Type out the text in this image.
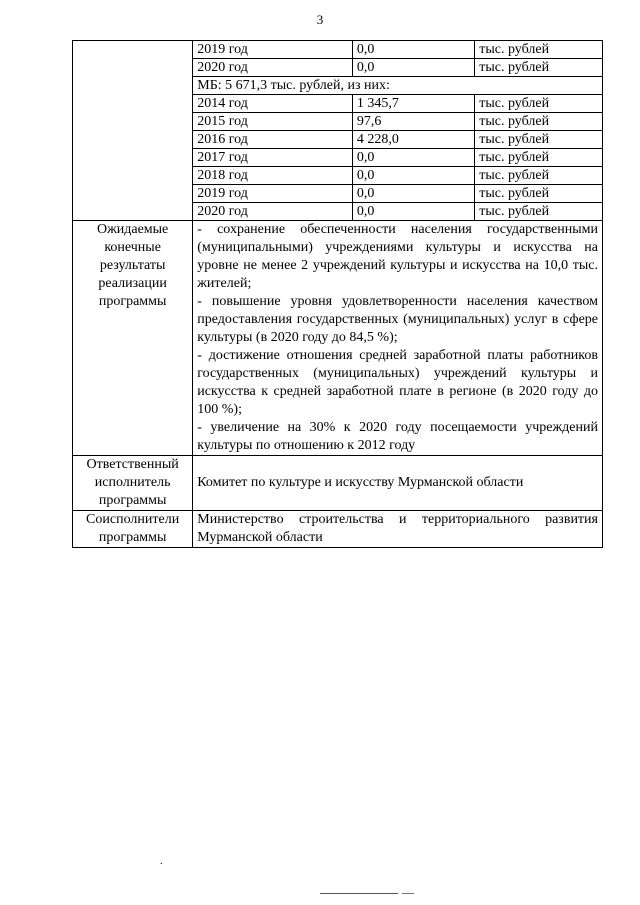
3
	2019 год	0,0	тыс. рублей
	2020 год	0,0	тыс. рублей
	МБ: 5 671,3 тыс. рублей, из них:		
	2014 год	1 345,7	тыс. рублей
	2015 год	97,6	тыс. рублей
	2016 год	4 228,0	тыс. рублей
	2017 год	0,0	тыс. рублей
	2018 год	0,0	тыс. рублей
	2019 год	0,0	тыс. рублей
	2020 год	0,0	тыс. рублей
Ожидаемые конечные результаты реализации программы	- сохранение обеспеченности населения государственными (муниципальными) учреждениями культуры и искусства на уровне не менее 2 учреждений культуры и искусства на 10,0 тыс. жителей;
- повышение уровня удовлетворенности населения качеством предоставления государственных (муниципальных) услуг в сфере культуры (в 2020 году до 84,5 %);
- достижение отношения средней заработной платы работников государственных (муниципальных) учреждений культуры и искусства к средней заработной плате в регионе (в 2020 году до 100 %);
- увеличение на 30% к 2020 году посещаемости учреждений культуры по отношению к 2012 году		

Ответственный исполнитель программы	Комитет по культуре и искусству Мурманской области		
Соисполнители программы	Министерство строительства и территориального развития Мурманской области		
.
